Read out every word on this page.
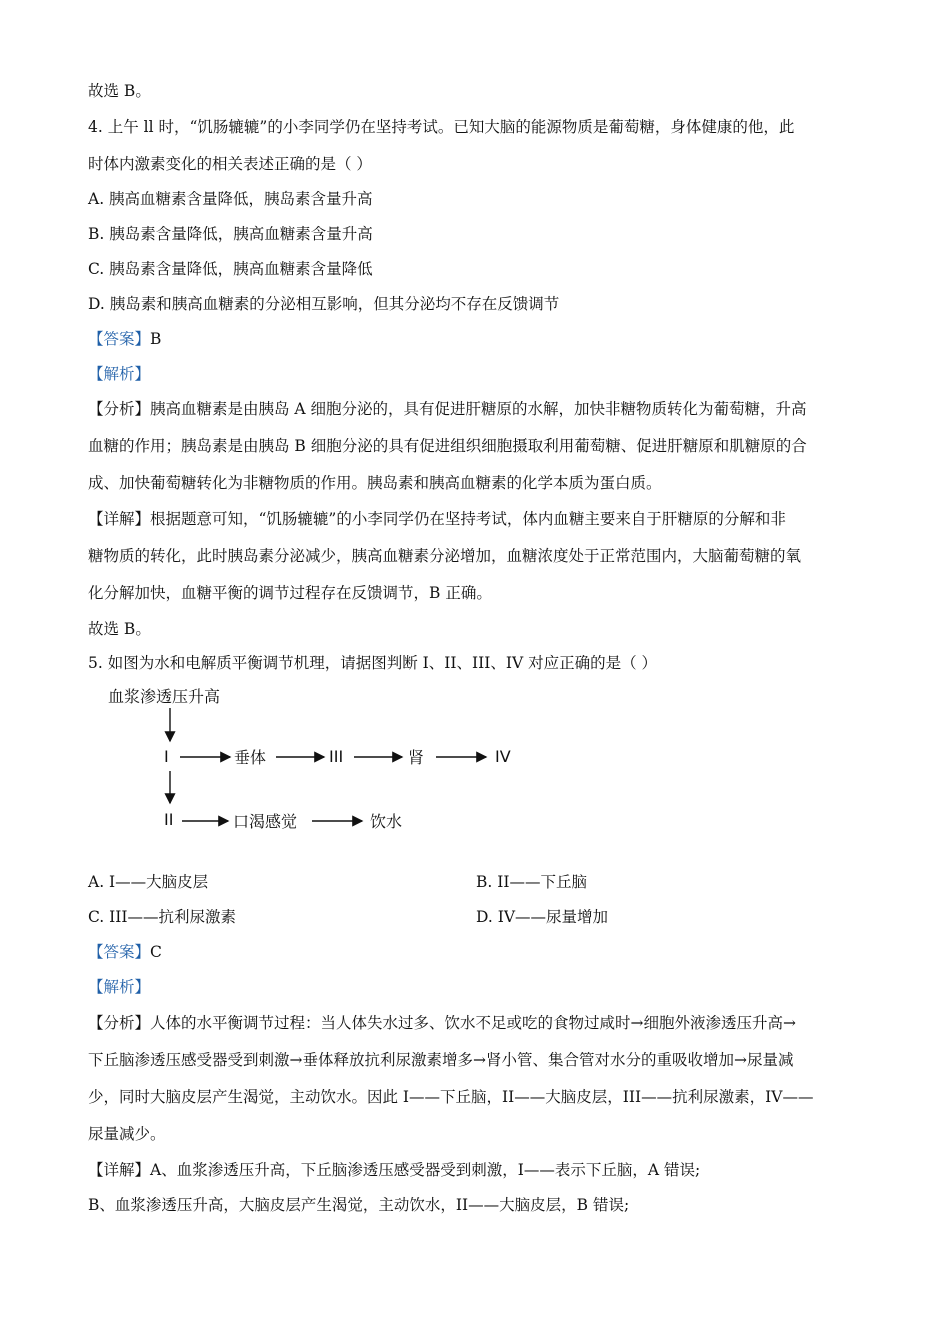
故选 B。
4. 上午 ll 时，“饥肠辘辘”的小李同学仍在坚持考试。已知大脑的能源物质是葡萄糖，身体健康的他，此
时体内激素变化的相关表述正确的是（ ）
A. 胰高血糖素含量降低，胰岛素含量升高
B. 胰岛素含量降低，胰高血糖素含量升高
C. 胰岛素含量降低，胰高血糖素含量降低
D. 胰岛素和胰高血糖素的分泌相互影响，但其分泌均不存在反馈调节
【答案】B
【解析】
【分析】胰高血糖素是由胰岛 A 细胞分泌的，具有促进肝糖原的水解，加快非糖物质转化为葡萄糖，升高
血糖的作用；胰岛素是由胰岛 B 细胞分泌的具有促进组织细胞摄取利用葡萄糖、促进肝糖原和肌糖原的合
成、加快葡萄糖转化为非糖物质的作用。胰岛素和胰高血糖素的化学本质为蛋白质。
【详解】根据题意可知，“饥肠辘辘”的小李同学仍在坚持考试，体内血糖主要来自于肝糖原的分解和非
糖物质的转化，此时胰岛素分泌减少，胰高血糖素分泌增加，血糖浓度处于正常范围内，大脑葡萄糖的氧
化分解加快，血糖平衡的调节过程存在反馈调节，B 正确。
故选 B。
5. 如图为水和电解质平衡调节机理，请据图判断 I、II、III、IV 对应正确的是（ ）
血浆渗透压升高
I	垂体	III	肾	IV
II	口渴感觉	饮水
A. I——大脑皮层	B. II——下丘脑
C. III——抗利尿激素	D. IV——尿量增加
【答案】C
【解析】
【分析】人体的水平衡调节过程：当人体失水过多、饮水不足或吃的食物过咸时→细胞外液渗透压升高→
下丘脑渗透压感受器受到刺激→垂体释放抗利尿激素增多→肾小管、集合管对水分的重吸收增加→尿量减
少，同时大脑皮层产生渴觉，主动饮水。因此 I——下丘脑，II——大脑皮层，III——抗利尿激素，IV——
尿量减少。
【详解】A、血浆渗透压升高，下丘脑渗透压感受器受到刺激，I——表示下丘脑，A 错误;
B、血浆渗透压升高，大脑皮层产生渴觉，主动饮水，II——大脑皮层，B 错误;
